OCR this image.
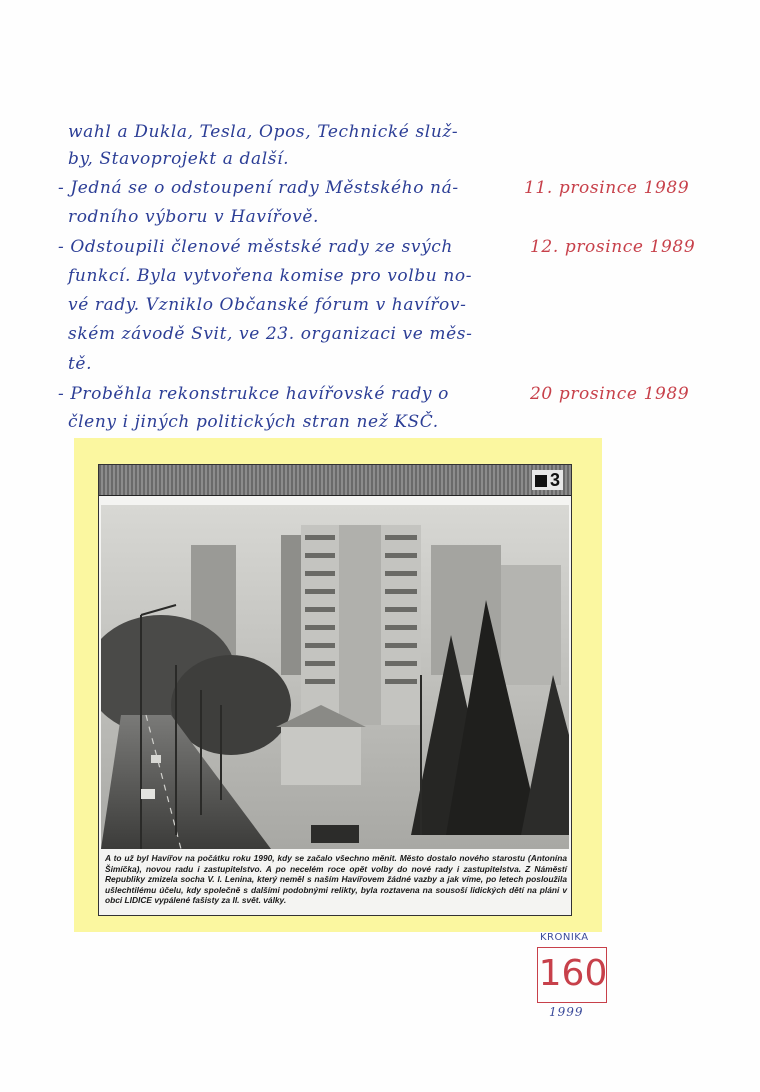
wahl a Dukla, Tesla, Opos, Technické služ-
by, Stavoprojekt a další.
- Jedná se o odstoupení rady Městského ná-
rodního výboru v Havířově.
- Odstoupili členové městské rady ze svých
funkcí. Byla vytvořena komise pro volbu no-
vé rady. Vzniklo Občanské fórum v havířov-
ském závodě Svit, ve 23. organizaci ve měs-
tě.
- Proběhla rekonstrukce havířovské rady o
členy i jiných politických stran než KSČ.
11. prosince 1989
12. prosince 1989
20 prosince 1989
3
A to už byl Havířov na počátku roku 1990, kdy se začalo všechno měnit. Město dostalo nového starostu (Antonína Šimíčka), novou radu i zastupitelstvo. A po necelém roce opět volby do nové rady i zastupitelstva. Z Náměstí Republiky zmizela socha V. I. Lenina, který neměl s naším Havířovem žádné vazby a jak víme, po letech posloužila ušlechtilému účelu, kdy společně s dalšími podobnými relikty, byla roztavena na sousoší lidických dětí na pláni v obci LIDICE vypálené fašisty za II. svět. války.
KRONIKA
160
1999
